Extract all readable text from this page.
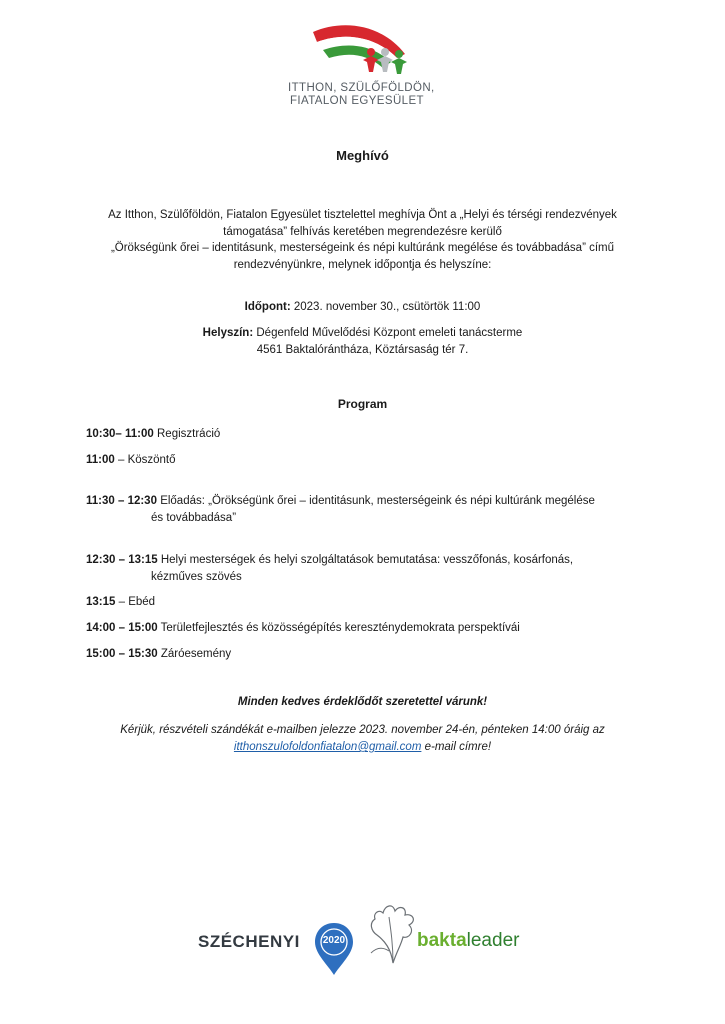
ITTHON, SZÜLŐFÖLDÖN,
FIATALON EGYESÜLET
Meghívó
Az Itthon, Szülőföldön, Fiatalon Egyesület tisztelettel meghívja Önt a „Helyi és térségi rendezvények
támogatása” felhívás keretében megrendezésre kerülő
„Örökségünk őrei – identitásunk, mesterségeink és népi kultúránk megélése és továbbadása” című
rendezvényünkre, melynek időpontja és helyszíne:
Időpont: 2023. november 30., csütörtök 11:00
Helyszín: Dégenfeld Művelődési Központ emeleti tanácsterme
4561 Baktalórántháza, Köztársaság tér 7.
Program
10:30– 11:00 Regisztráció
11:00 – Köszöntő
11:30 – 12:30 Előadás: „Örökségünk őrei – identitásunk, mesterségeink és népi kultúránk megélése
és továbbadása”
12:30 – 13:15 Helyi mesterségek és helyi szolgáltatások bemutatása: vesszőfonás, kosárfonás,
kézműves szövés
13:15 – Ebéd
14:00 – 15:00 Területfejlesztés és közösségépítés kereszténydemokrata perspektívái
15:00 – 15:30 Záróesemény
Minden kedves érdeklődőt szeretettel várunk!
Kérjük, részvételi szándékát e-mailben jelezze 2023. november 24-én, pénteken 14:00 óráig az
itthonszulofoldonfiatalon@gmail.com e-mail címre!
SZÉCHENYI	2020	baktaleader
